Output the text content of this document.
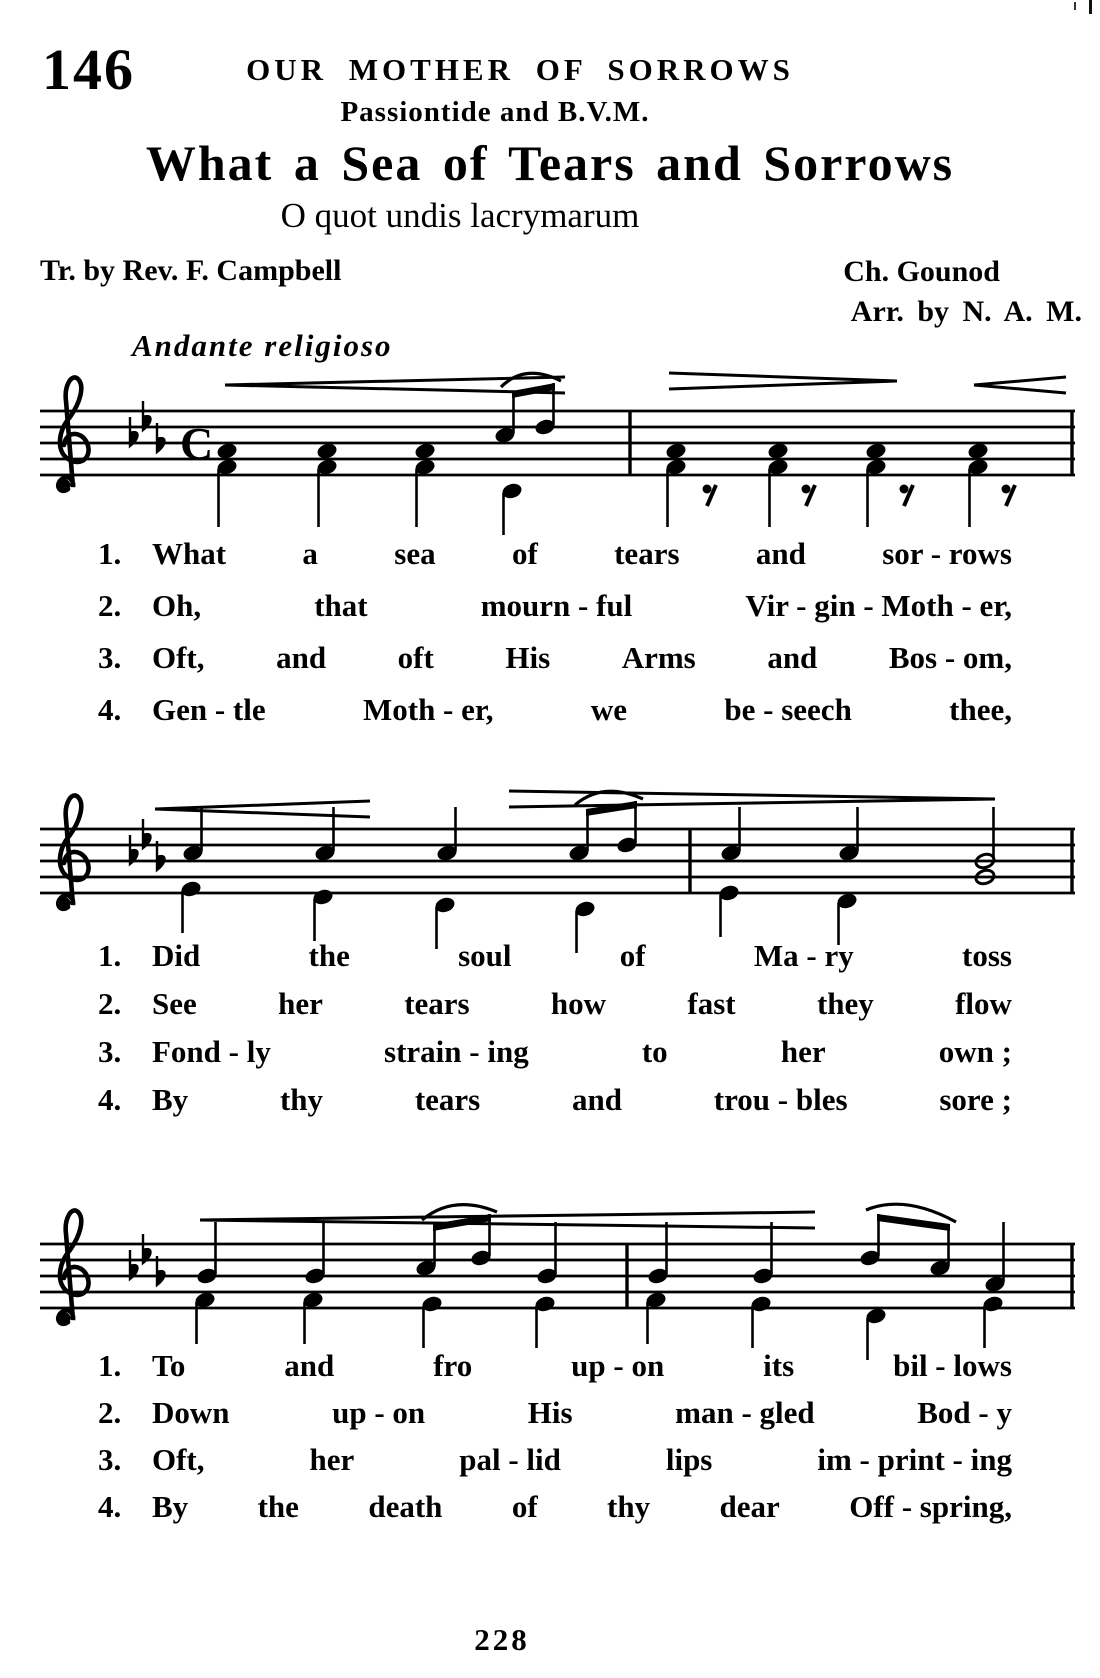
146	OUR MOTHER OF SORROWS
Passiontide and B.V.M.
What a Sea of Tears and Sorrows
O quot undis lacrymarum
Tr. by Rev. F. Campbell	Ch. Gounod
Arr. by N. A. M.
Andante religioso
C
1. What a sea of tears and sor - rows
2. Oh,	that	mourn - ful	Vir - gin - Moth - er,
3. Oft, and oft His Arms and Bos - om,
4. Gen - tle	Moth - er,	we	be - seech	thee,
1. Did	the	soul	of	Ma - ry	toss
2. See	her	tears	how	fast	they	flow
3. Fond - ly	strain - ing	to	her	own ;
4. By	thy	tears	and	trou - bles	sore ;
1. To	and	fro	up - on	its	bil - lows
2. Down	up - on	His	man - gled	Bod - y
3. Oft,	her	pal - lid	lips	im - print - ing
4. By the death of thy dear Off - spring,
228
